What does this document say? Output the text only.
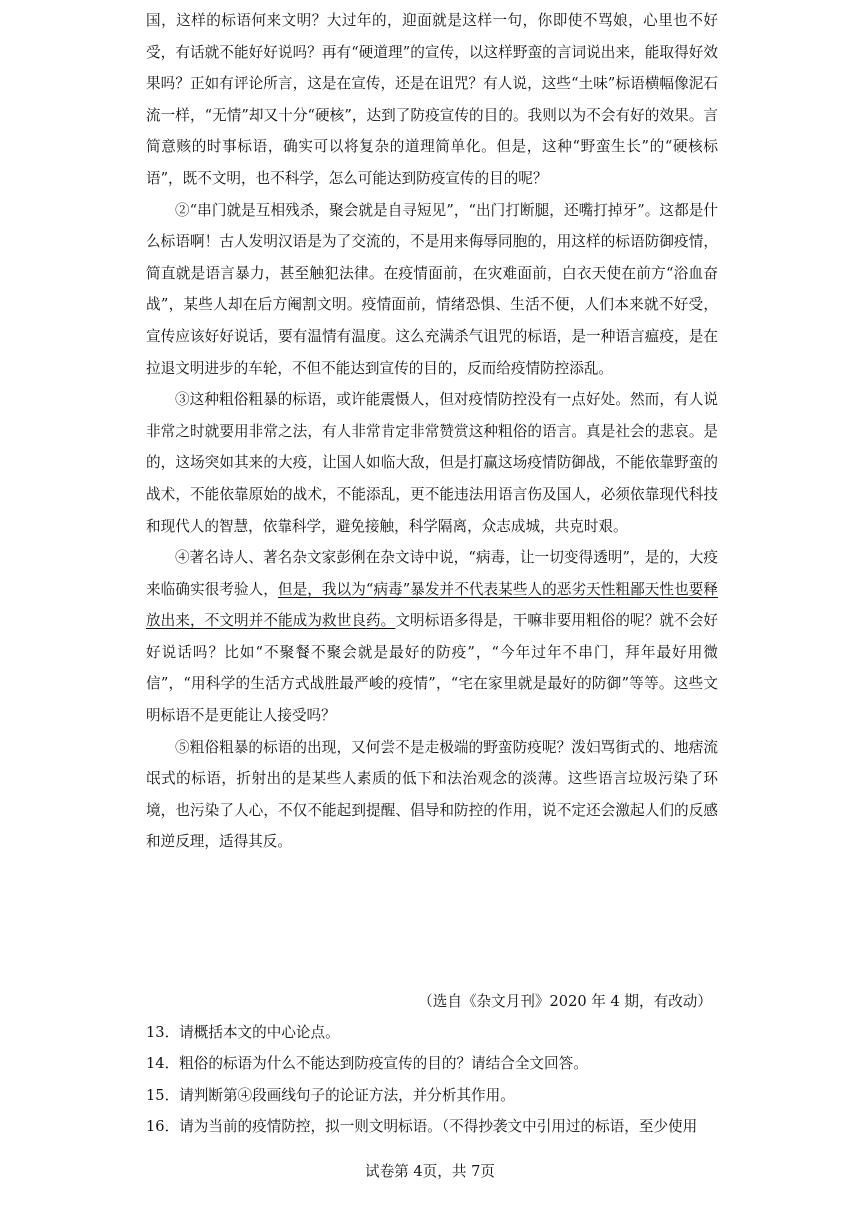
国，这样的标语何来文明？大过年的，迎面就是这样一句，你即使不骂娘，心里也不好受，有话就不能好好说吗？再有“硬道理”的宣传，以这样野蛮的言词说出来，能取得好效果吗？正如有评论所言，这是在宣传，还是在诅咒？有人说，这些“土味”标语横幅像泥石流一样，“无情”却又十分“硬核”，达到了防疫宣传的目的。我则以为不会有好的效果。言简意赅的时事标语，确实可以将复杂的道理简单化。但是，这种“野蛮生长”的“硬核标语”，既不文明，也不科学，怎么可能达到防疫宣传的目的呢？

②“串门就是互相残杀，聚会就是自寻短见”，“出门打断腿，还嘴打掉牙”。这都是什么标语啊！古人发明汉语是为了交流的，不是用来侮辱同胞的，用这样的标语防御疫情，简直就是语言暴力，甚至触犯法律。在疫情面前，在灾难面前，白衣天使在前方“浴血奋战”，某些人却在后方阉割文明。疫情面前，情绪恐惧、生活不便，人们本来就不好受，宣传应该好好说话，要有温情有温度。这么充满杀气诅咒的标语，是一种语言瘟疫，是在拉退文明进步的车轮，不但不能达到宣传的目的，反而给疫情防控添乱。

③这种粗俗粗暴的标语，或许能震慑人，但对疫情防控没有一点好处。然而，有人说非常之时就要用非常之法，有人非常肯定非常赞赏这种粗俗的语言。真是社会的悲哀。是的，这场突如其来的大疫，让国人如临大敌，但是打赢这场疫情防御战，不能依靠野蛮的战术，不能依靠原始的战术，不能添乱，更不能违法用语言伤及国人，必须依靠现代科技和现代人的智慧，依靠科学，避免接触，科学隔离，众志成城，共克时艰。

④著名诗人、著名杂文家彭俐在杂文诗中说，“病毒，让一切变得透明”，是的，大疫来临确实很考验人，但是，我以为“病毒”暴发并不代表某些人的恶劣天性粗鄙天性也要释放出来，不文明并不能成为救世良药。文明标语多得是，干嘛非要用粗俗的呢？就不会好好说话吗？比如“不聚餐不聚会就是最好的防疫”，“今年过年不串门，拜年最好用微信”，“用科学的生活方式战胜最严峻的疫情”，“宅在家里就是最好的防御”等等。这些文明标语不是更能让人接受吗？

⑤粗俗粗暴的标语的出现，又何尝不是走极端的野蛮防疫呢？泼妇骂街式的、地痞流氓式的标语，折射出的是某些人素质的低下和法治观念的淡薄。这些语言垃圾污染了环境，也污染了人心，不仅不能起到提醒、倡导和防控的作用，说不定还会激起人们的反感和逆反理，适得其反。

（选自《杂文月刊》2020 年 4 期，有改动）

13．请概括本文的中心论点。

14．粗俗的标语为什么不能达到防疫宣传的目的？请结合全文回答。

15．请判断第④段画线句子的论证方法，并分析其作用。

16．请为当前的疫情防控，拟一则文明标语。（不得抄袭文中引用过的标语，至少使用

试卷第 4页，共 7页
